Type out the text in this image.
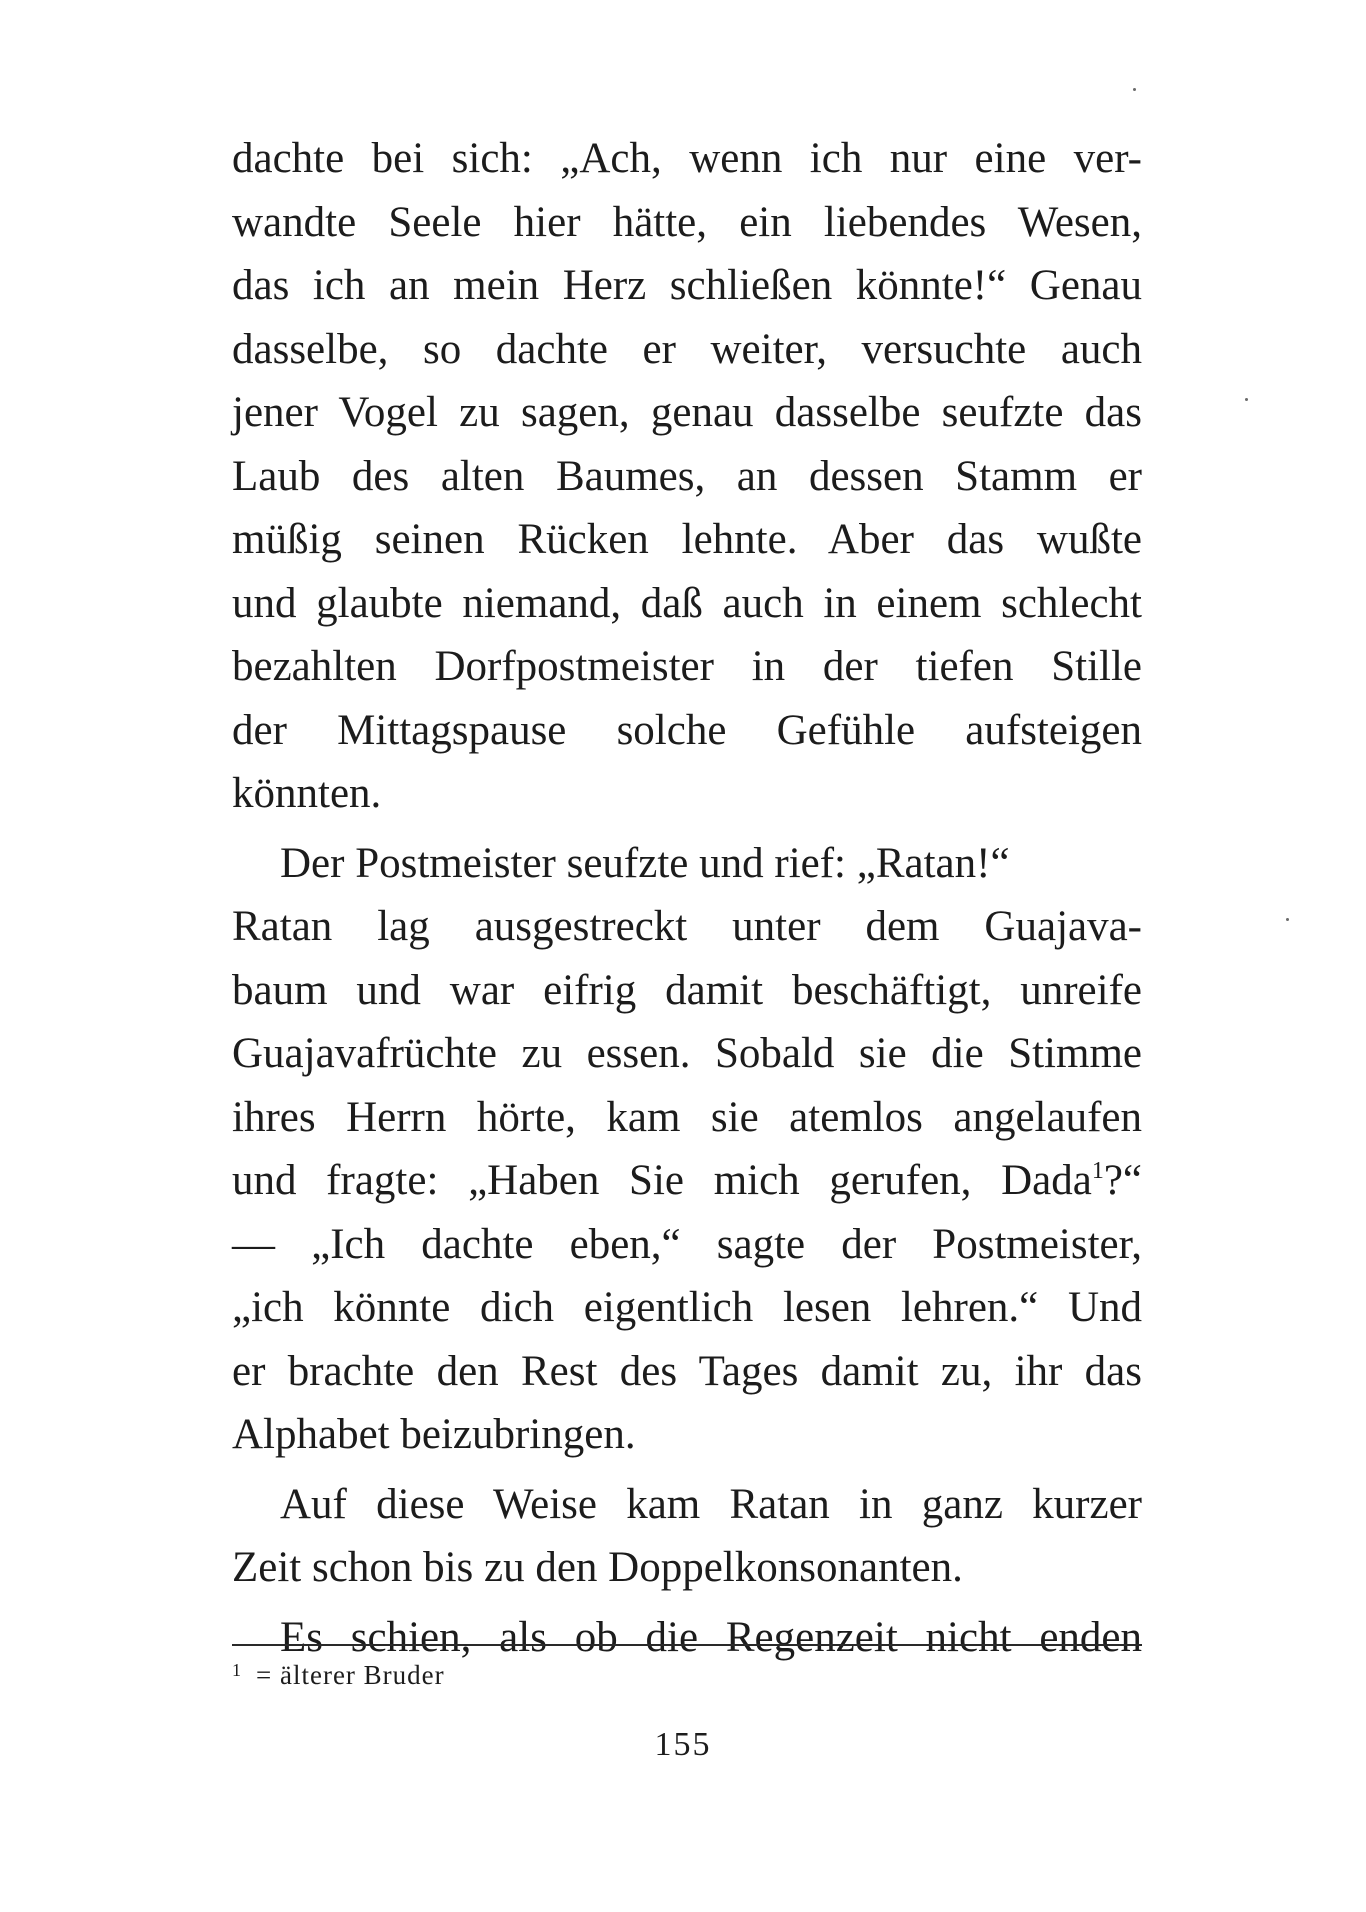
dachte bei sich: „Ach, wenn ich nur eine ver-
wandte Seele hier hätte, ein liebendes Wesen,
das ich an mein Herz schließen könnte!“ Genau
dasselbe, so dachte er weiter, versuchte auch
jener Vogel zu sagen, genau dasselbe seufzte das
Laub des alten Baumes, an dessen Stamm er
müßig seinen Rücken lehnte. Aber das wußte
und glaubte niemand, daß auch in einem schlecht
bezahlten Dorfpostmeister in der tiefen Stille
der Mittagspause solche Gefühle aufsteigen
könnten.
Der Postmeister seufzte und rief: „Ratan!“
Ratan lag ausgestreckt unter dem Guajava-
baum und war eifrig damit beschäftigt, unreife
Guajavafrüchte zu essen. Sobald sie die Stimme
ihres Herrn hörte, kam sie atemlos angelaufen
und fragte: „Haben Sie mich gerufen, Dada$^1$?“
— „Ich dachte eben,“ sagte der Postmeister,
„ich könnte dich eigentlich lesen lehren.“ Und
er brachte den Rest des Tages damit zu, ihr das
Alphabet beizubringen.
Auf diese Weise kam Ratan in ganz kurzer
Zeit schon bis zu den Doppelkonsonanten.
Es schien, als ob die Regenzeit nicht enden
$^1$ = älterer Bruder
155
